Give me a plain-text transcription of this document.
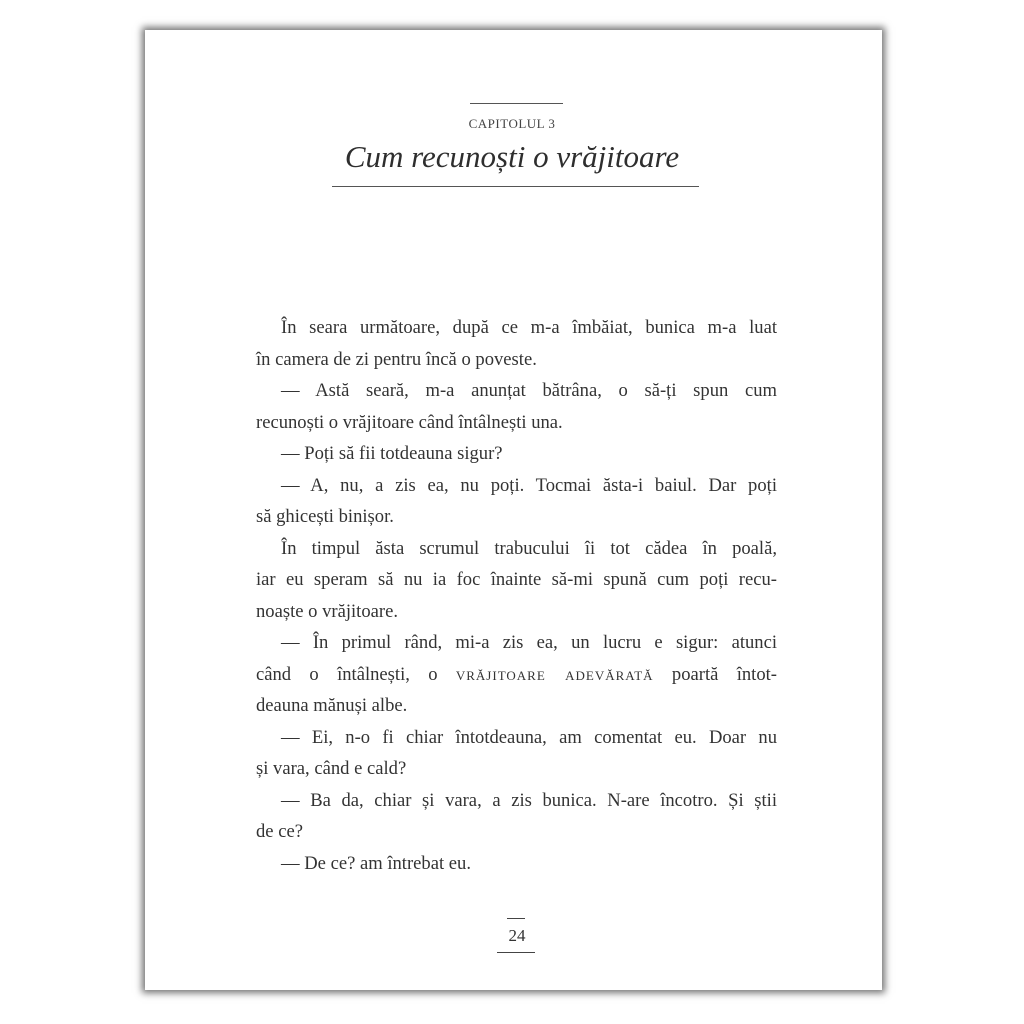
CAPITOLUL 3
Cum recunoști o vrăjitoare
În seara următoare, după ce m-a îmbăiat, bunica m-a luat
în camera de zi pentru încă o poveste.
— Astă seară, m-a anunțat bătrâna, o să-ți spun cum
recunoști o vrăjitoare când întâlnești una.
— Poți să fii totdeauna sigur?
— A, nu, a zis ea, nu poți. Tocmai ăsta-i baiul. Dar poți
să ghicești binișor.
În timpul ăsta scrumul trabucului îi tot cădea în poală,
iar eu speram să nu ia foc înainte să-mi spună cum poți recu-
noaște o vrăjitoare.
— În primul rând, mi-a zis ea, un lucru e sigur: atunci
când o întâlnești, o vrăjitoare adevărată poartă întot-
deauna mănuși albe.
— Ei, n-o fi chiar întotdeauna, am comentat eu. Doar nu
și vara, când e cald?
— Ba da, chiar și vara, a zis bunica. N-are încotro. Și știi
de ce?
— De ce? am întrebat eu.
24
